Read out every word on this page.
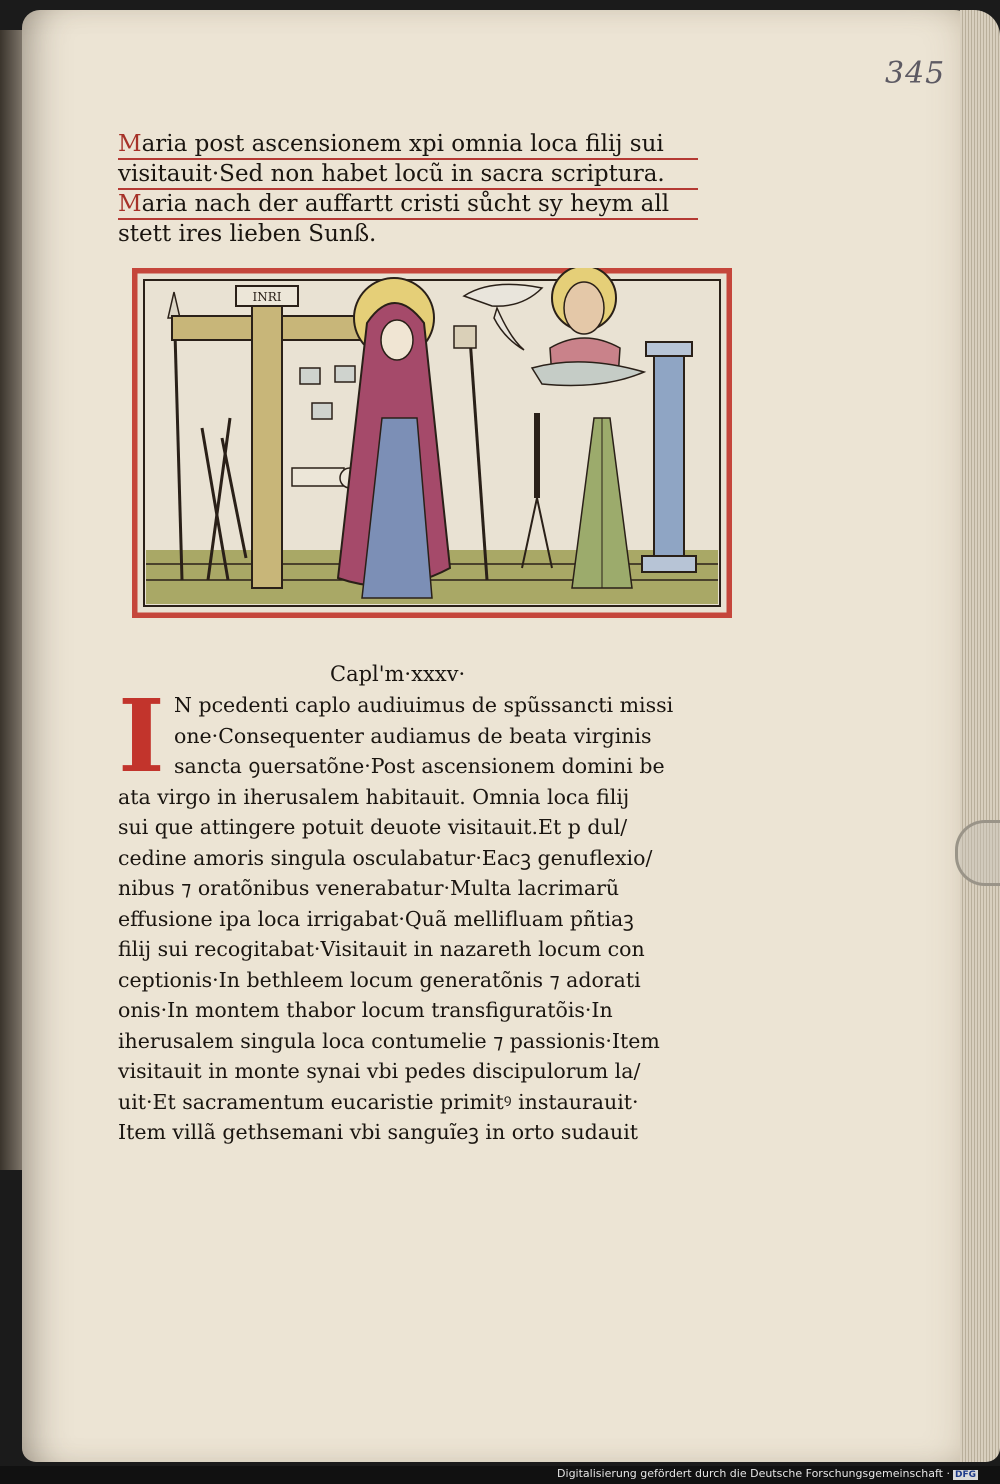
345
Maria post ascensionem xpi omnia loca filij sui
visitauit·Sed non habet locũ in sacra scriptura.
Maria nach der auffartt cristi sůcht sy heym all
stett ires lieben Sunß.
INRI
Capl'm·xxxv·
I N pcedenti caplo audiuimus de spũssancti missi
one·Consequenter audiamus de beata virginis
sancta ꝯuersatõne·Post ascensionem domini be
ata virgo in iherusalem habitauit. Omnia loca filij
sui que attingere potuit deuote visitauit.Et p dul/
cedine amoris singula osculabatur·Eacꝫ genuflexio/
nibus ⁊ oratõnibus venerabatur·Multa lacrimarũ
effusione ipa loca irrigabat·Quã mellifluam pñtiaꝫ
filij sui recogitabat·Visitauit in nazareth locum con
ceptionis·In bethleem locum generatõnis ⁊ adorati
onis·In montem thabor locum transfiguratõis·In
iherusalem singula loca contumelie ⁊ passionis·Item
visitauit in monte synai vbi pedes discipulorum la/
uit·Et sacramentum eucaristie primitꝰ instaurauit·
Item villã gethsemani vbi sanguĩeꝫ in orto sudauit
Digitalisierung gefördert durch die Deutsche Forschungsgemeinschaft · DFG
